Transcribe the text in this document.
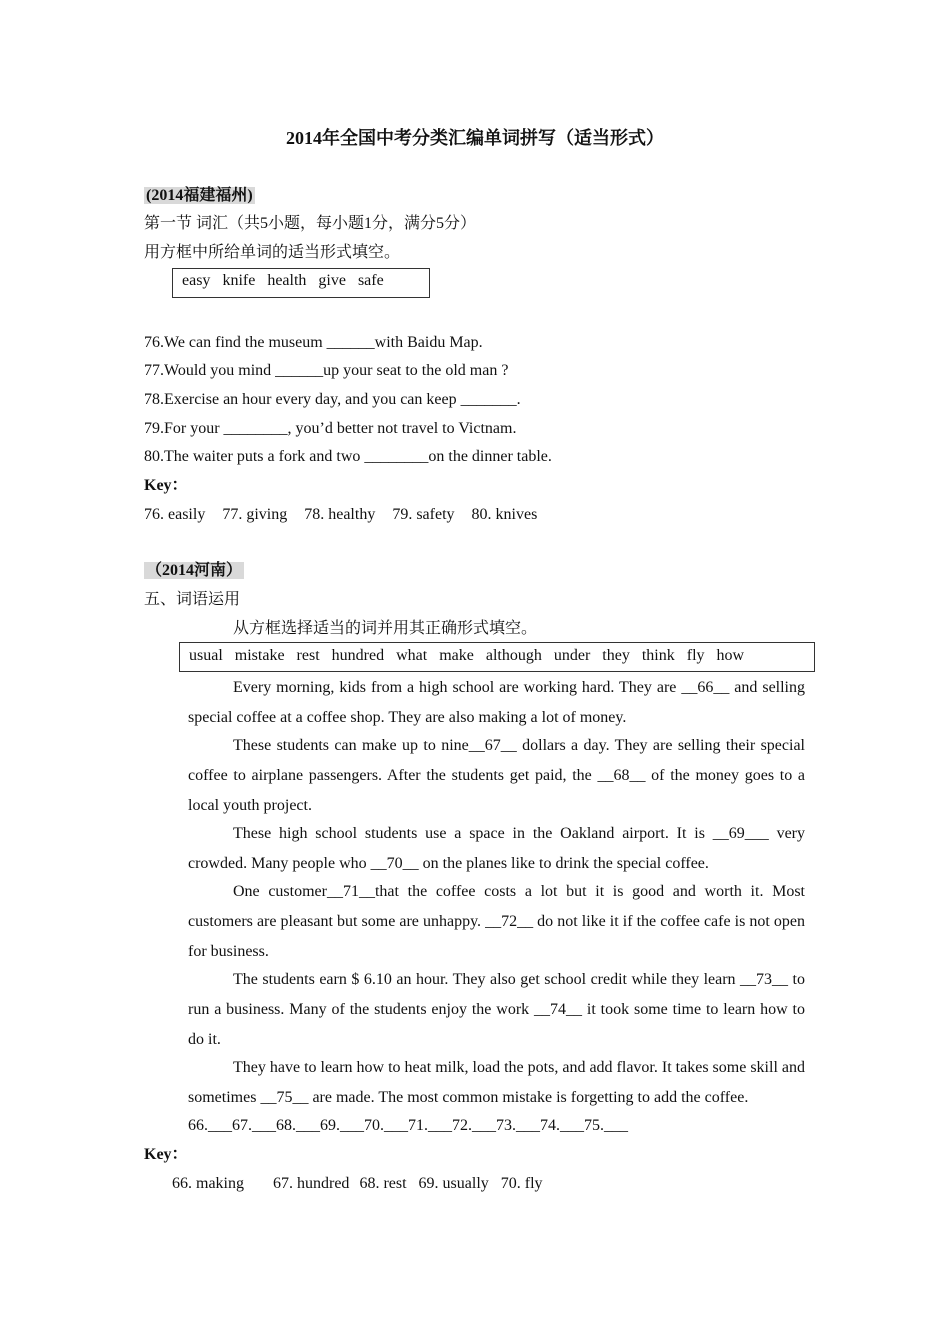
2014年全国中考分类汇编单词拼写（适当形式）
(2014福建福州)
第一节 词汇（共5小题，每小题1分，满分5分）
用方框中所给单词的适当形式填空。
easy knife health give safe
76.We can find the museum ______with Baidu Map.
77.Would you mind ______up your seat to the old man ?
78.Exercise an hour every day, and you can keep _______.
79.For your ________, you’d better not travel to Victnam.
80.The waiter puts a fork and two ________on the dinner table.
Key：
76. easily 77. giving 78. healthy 79. safety 80. knives
（2014河南）
五、词语运用
从方框选择适当的词并用其正确形式填空。
usual mistake rest hundred what make although under they think fly how

Every morning, kids from a high school are working hard. They are __66__ and selling special coffee at a coffee shop. They are also making a lot of money.

These students can make up to nine__67__ dollars a day. They are selling their special coffee to airplane passengers. After the students get paid, the __68__ of the money goes to a local youth project.

These high school students use a space in the Oakland airport. It is __69___ very crowded. Many people who __70__ on the planes like to drink the special coffee.

One customer__71__that the coffee costs a lot but it is good and worth it. Most customers are pleasant but some are unhappy. __72__ do not like it if the coffee cafe is not open for business.

The students earn $ 6.10 an hour. They also get school credit while they learn __73__ to run a business. Many of the students enjoy the work __74__ it took some time to learn how to do it.

They have to learn how to heat milk, load the pots, and add flavor. It takes some skill and sometimes __75__ are made. The most common mistake is forgetting to add the coffee.

66.___67.___68.___69.___70.___71.___72.___73.___74.___75.___
Key：
66. making 67. hundred 68. rest 69. usually 70. fly
